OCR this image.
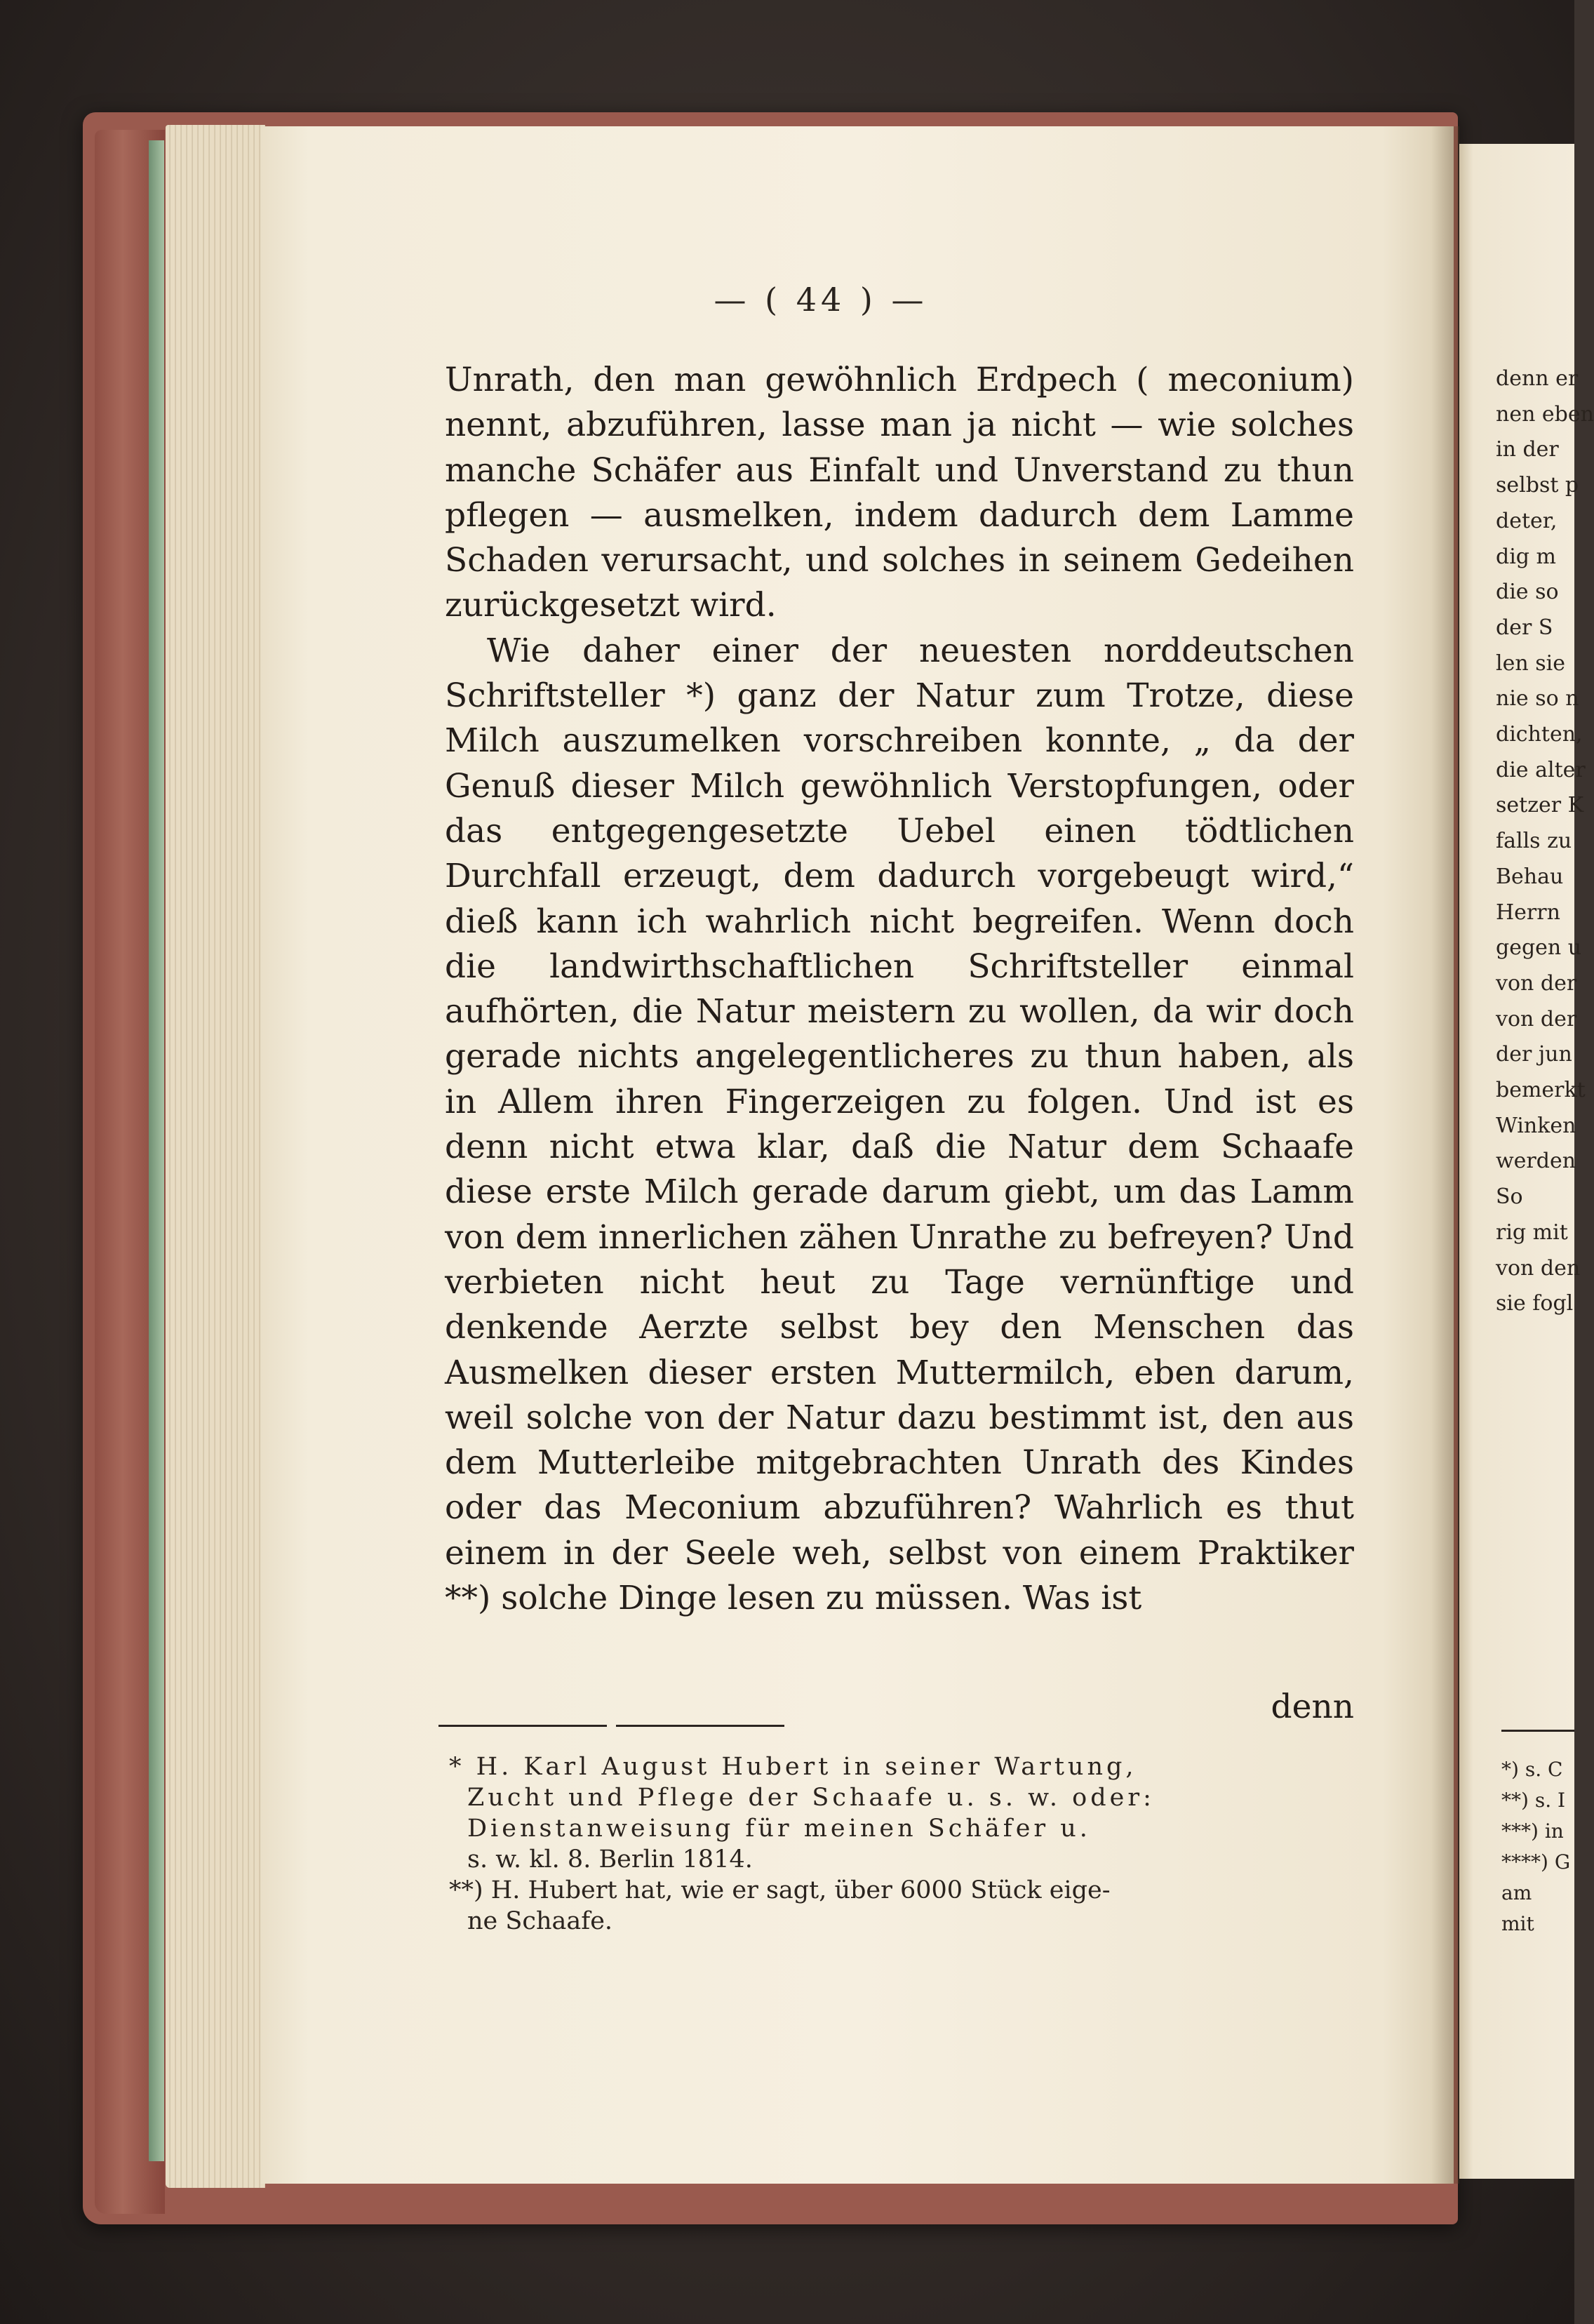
— ( 44 ) —

Unrath, den man gewöhnlich Erdpech ( meconium) nennt, abzuführen, lasse man ja nicht — wie solches manche Schäfer aus Einfalt und Unverstand zu thun pflegen — ausmelken, indem dadurch dem Lamme Schaden verursacht, und solches in seinem Gedeihen zurückgesetzt wird.

Wie daher einer der neuesten norddeutschen Schriftsteller *) ganz der Natur zum Trotze, diese Milch auszumelken vorschreiben konnte, „ da der Genuß dieser Milch gewöhnlich Verstopfungen, oder das entgegengesetzte Uebel einen tödtlichen Durchfall erzeugt, dem dadurch vorgebeugt wird,“ dieß kann ich wahrlich nicht begreifen. Wenn doch die landwirthschaftlichen Schriftsteller einmal aufhörten, die Natur meistern zu wollen, da wir doch gerade nichts angelegentlicheres zu thun haben, als in Allem ihren Fingerzeigen zu folgen. Und ist es denn nicht etwa klar, daß die Natur dem Schaafe diese erste Milch gerade darum giebt, um das Lamm von dem innerlichen zähen Unrathe zu befreyen? Und verbieten nicht heut zu Tage vernünftige und denkende Aerzte selbst bey den Menschen das Ausmelken dieser ersten Muttermilch, eben darum, weil solche von der Natur dazu bestimmt ist, den aus dem Mutterleibe mitgebrachten Unrath des Kindes oder das Meconium abzuführen? Wahrlich es thut einem in der Seele weh, selbst von einem Praktiker **) solche Dinge lesen zu müssen. Was ist

denn
* H. Karl August Hubert in seiner Wartung,
Zucht und Pflege der Schaafe u. s. w. oder:
Dienstanweisung für meinen Schäfer u.
s. w. kl. 8. Berlin 1814.
**) H. Hubert hat, wie er sagt, über 6000 Stück eige-
ne Schaafe.
denn er
nen eben
in der
selbst p
deter,
dig m
die so
der S
len sie
nie so n
dichten,
die alter
setzer K
falls zu
Behau
Herrn
gegen u
von der
von der
der jun
bemerkt
Winken
werden
So
rig mit
von den
sie fogl
*) s. C
**) s. I
***) in
****) G
am
mit
